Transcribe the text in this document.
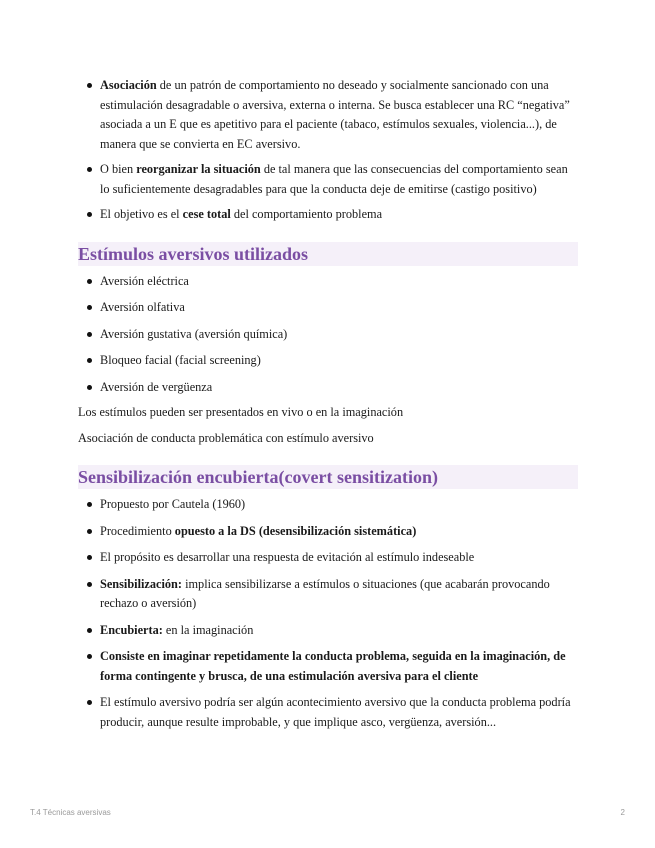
Asociación de un patrón de comportamiento no deseado y socialmente sancionado con una estimulación desagradable o aversiva, externa o interna. Se busca establecer una RC “negativa” asociada a un E que es apetitivo para el paciente (tabaco, estímulos sexuales, violencia...), de manera que se convierta en EC aversivo.
O bien reorganizar la situación de tal manera que las consecuencias del comportamiento sean lo suficientemente desagradables para que la conducta deje de emitirse (castigo positivo)
El objetivo es el cese total del comportamiento problema
Estímulos aversivos utilizados
Aversión eléctrica
Aversión olfativa
Aversión gustativa (aversión química)
Bloqueo facial (facial screening)
Aversión de vergüenza

Los estímulos pueden ser presentados en vivo o en la imaginación

Asociación de conducta problemática con estímulo aversivo

Sensibilización encubierta(covert sensitization)
Propuesto por Cautela (1960)
Procedimiento opuesto a la DS (desensibilización sistemática)
El propósito es desarrollar una respuesta de evitación al estímulo indeseable
Sensibilización: implica sensibilizarse a estímulos o situaciones (que acabarán provocando rechazo o aversión)
Encubierta: en la imaginación
Consiste en imaginar repetidamente la conducta problema, seguida en la imaginación, de forma contingente y brusca, de una estimulación aversiva para el cliente
El estímulo aversivo podría ser algún acontecimiento aversivo que la conducta problema podría producir, aunque resulte improbable, y que implique asco, vergüenza, aversión...
T.4 Técnicas aversivas	2
